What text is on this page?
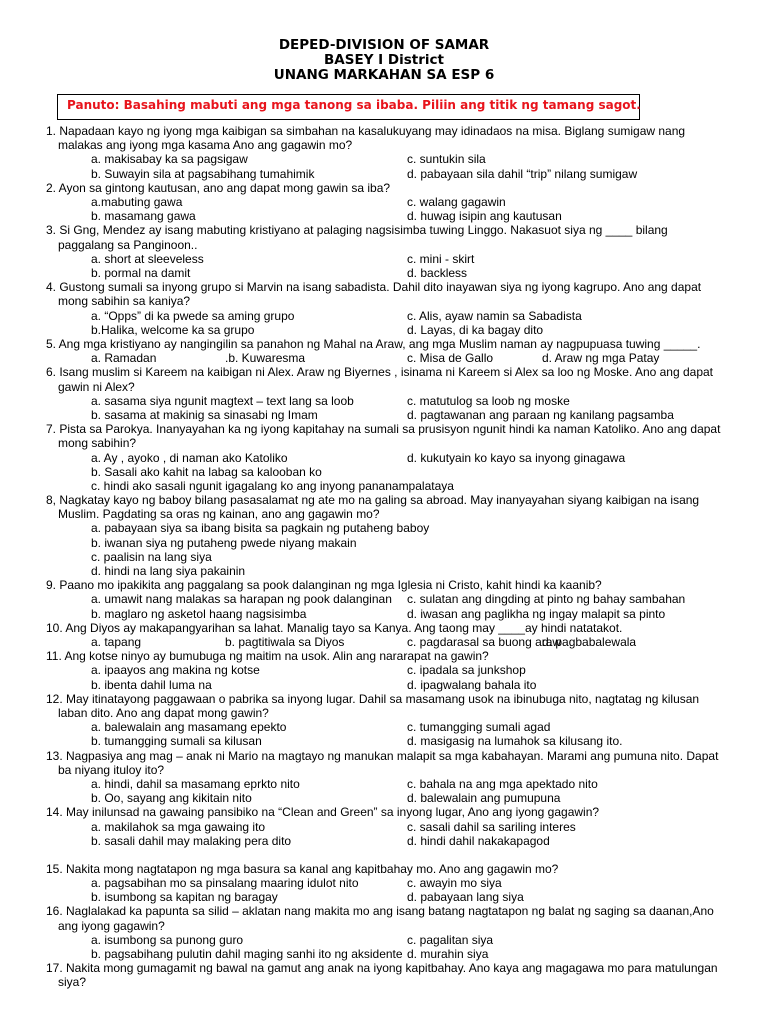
DEPED-DIVISION OF SAMAR
BASEY I District
UNANG MARKAHAN SA ESP 6
Panuto: Basahing mabuti ang mga tanong sa ibaba. Piliin ang titik ng tamang sagot.
1. Napadaan kayo ng iyong mga kaibigan sa simbahan na kasalukuyang may idinadaos na misa. Biglang sumigaw nang malakas ang iyong mga kasama Ano ang gagawin mo?
a. makisabay ka sa pagsigaw	c. suntukin sila
b. Suwayin sila at pagsabihang tumahimik	d. pabayaan sila dahil “trip” nilang sumigaw
2. Ayon sa gintong kautusan, ano ang dapat mong gawin sa iba?
a.mabuting gawa	c. walang gagawin
b. masamang gawa	d. huwag isipin ang kautusan
3. Si Gng, Mendez ay isang mabuting kristiyano at palaging nagsisimba tuwing Linggo. Nakasuot siya ng ____ bilang paggalang sa Panginoon..
a. short at sleeveless	c. mini - skirt
b. pormal na damit	d. backless
4. Gustong sumali sa inyong grupo si Marvin na isang sabadista. Dahil dito inayawan siya ng iyong kagrupo. Ano ang dapat mong sabihin sa kaniya?
a. “Opps” di ka pwede sa aming grupo	c. Alis, ayaw namin sa Sabadista
b.Halika, welcome ka sa grupo	d. Layas, di ka bagay dito
5. Ang mga kristiyano ay nangingilin sa panahon ng Mahal na Araw, ang mga Muslim naman ay nagpupuasa tuwing _____.
a. Ramadan	.b. Kuwaresma	c. Misa de Gallo	d. Araw ng mga Patay
6. Isang muslim si Kareem na kaibigan ni Alex. Araw ng Biyernes , isinama ni Kareem si Alex sa loo ng Moske. Ano ang dapat gawin ni Alex?
a. sasama siya ngunit magtext – text lang sa loob	c. matutulog sa loob ng moske
b. sasama at makinig sa sinasabi ng Imam	d. pagtawanan ang paraan ng kanilang pagsamba
7. Pista sa Parokya. Inanyayahan ka ng iyong kapitahay na sumali sa prusisyon ngunit hindi ka naman Katoliko. Ano ang dapat mong sabihin?
a. Ay , ayoko , di naman ako Katoliko	d. kukutyain ko kayo sa inyong ginagawa
b. Sasali ako kahit na labag sa kalooban ko
c. hindi ako sasali ngunit igagalang ko ang inyong pananampalataya
8, Nagkatay kayo ng baboy bilang pasasalamat ng ate mo na galing sa abroad. May inanyayahan siyang kaibigan na isang Muslim. Pagdating sa oras ng kainan, ano ang gagawin mo?
a. pabayaan siya sa ibang bisita sa pagkain ng putaheng baboy
b. iwanan siya ng putaheng pwede niyang makain
c. paalisin na lang siya
d. hindi na lang siya pakainin
9. Paano mo ipakikita ang paggalang sa pook dalanginan ng mga Iglesia ni Cristo, kahit hindi ka kaanib?
a. umawit nang malakas sa harapan ng pook dalanginan c. sulatan ang dingding at pinto ng bahay sambahan
b. maglaro ng asketol haang nagsisimba	d. iwasan ang paglikha ng ingay malapit sa pinto
10. Ang Diyos ay makapangyarihan sa lahat. Manalig tayo sa Kanya. Ang taong may ____ay hindi natatakot.
a. tapang	b. pagtitiwala sa Diyos	c. pagdarasal sa buong araw
d. pagbabalewala
11. Ang kotse ninyo ay bumubuga ng maitim na usok. Alin ang nararapat na gawin?
a. ipaayos ang makina ng kotse	c. ipadala sa junkshop
b. ibenta dahil luma na	d. ipagwalang bahala ito
12. May itinatayong paggawaan o pabrika sa inyong lugar. Dahil sa masamang usok na ibinubuga nito, nagtatag ng kilusan laban dito. Ano ang dapat mong gawin?
a. balewalain ang masamang epekto	c. tumangging sumali agad
b. tumangging sumali sa kilusan	d. masigasig na lumahok sa kilusang ito.
13. Nagpasiya ang mag – anak ni Mario na magtayo ng manukan malapit sa mga kabahayan. Marami ang pumuna nito. Dapat ba niyang ituloy ito?
a. hindi, dahil sa masamang eprkto nito	c. bahala na ang mga apektado nito
b. Oo, sayang ang kikitain nito	d. balewalain ang pumupuna
14. May inilunsad na gawaing pansibiko na “Clean and Green” sa inyong lugar, Ano ang iyong gagawin?
a. makilahok sa mga gawaing ito	c. sasali dahil sa sariling interes
b. sasali dahil may malaking pera dito	d. hindi dahil nakakapagod
15. Nakita mong nagtatapon ng mga basura sa kanal ang kapitbahay mo. Ano ang gagawin mo?
a. pagsabihan mo sa pinsalang maaring idulot nito	c. awayin mo siya
b. isumbong sa kapitan ng baragay	d. pabayaan lang siya
16. Naglalakad ka papunta sa silid – aklatan nang makita mo ang isang batang nagtatapon ng balat ng saging sa daanan,Ano ang iyong gagawin?
a. isumbong sa punong guro	c. pagalitan siya
b. pagsabihang pulutin dahil maging sanhi ito ng aksidente d. murahin siya
17. Nakita mong gumagamit ng bawal na gamut ang anak na iyong kapitbahay. Ano kaya ang magagawa mo para matulungan siya?
